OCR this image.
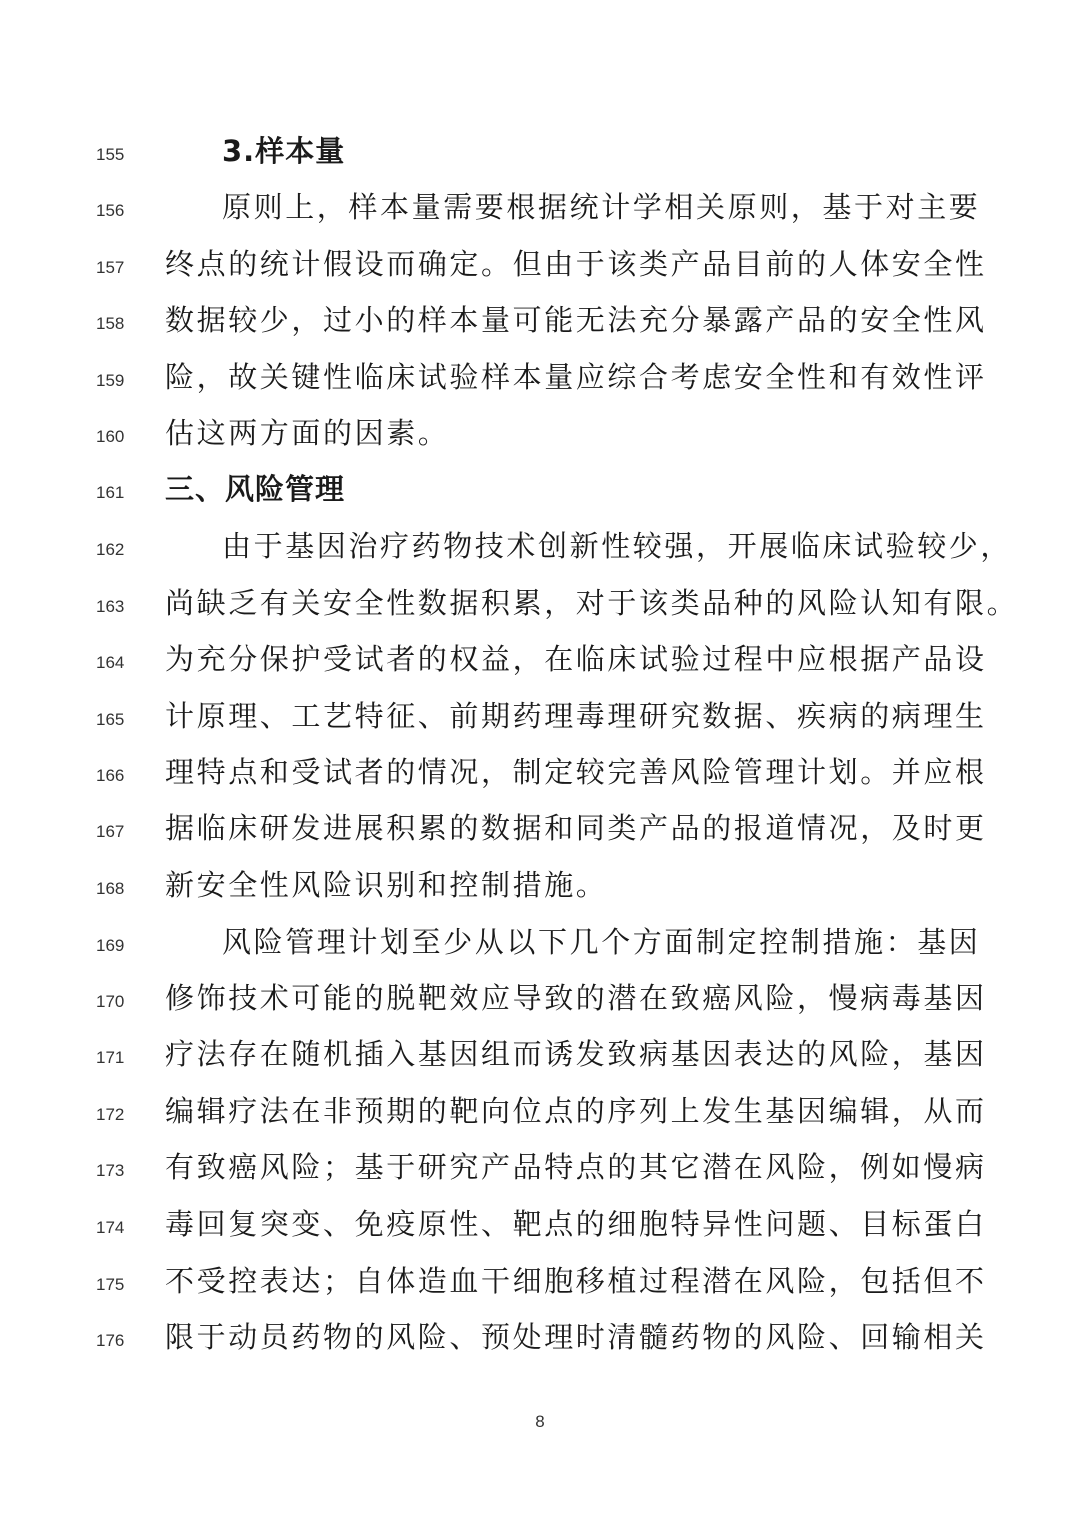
155	3.样本量
156	原则上，样本量需要根据统计学相关原则，基于对主要
157	终点的统计假设而确定。但由于该类产品目前的人体安全性
158	数据较少，过小的样本量可能无法充分暴露产品的安全性风
159	险，故关键性临床试验样本量应综合考虑安全性和有效性评
160	估这两方面的因素。
161	三、风险管理
162	由于基因治疗药物技术创新性较强，开展临床试验较少，
163	尚缺乏有关安全性数据积累，对于该类品种的风险认知有限。
164	为充分保护受试者的权益，在临床试验过程中应根据产品设
165	计原理、工艺特征、前期药理毒理研究数据、疾病的病理生
166	理特点和受试者的情况，制定较完善风险管理计划。并应根
167	据临床研发进展积累的数据和同类产品的报道情况，及时更
168	新安全性风险识别和控制措施。
169	风险管理计划至少从以下几个方面制定控制措施：基因
170	修饰技术可能的脱靶效应导致的潜在致癌风险，慢病毒基因
171	疗法存在随机插入基因组而诱发致病基因表达的风险，基因
172	编辑疗法在非预期的靶向位点的序列上发生基因编辑，从而
173	有致癌风险；基于研究产品特点的其它潜在风险，例如慢病
174	毒回复突变、免疫原性、靶点的细胞特异性问题、目标蛋白
175	不受控表达；自体造血干细胞移植过程潜在风险，包括但不
176	限于动员药物的风险、预处理时清髓药物的风险、回输相关
8
